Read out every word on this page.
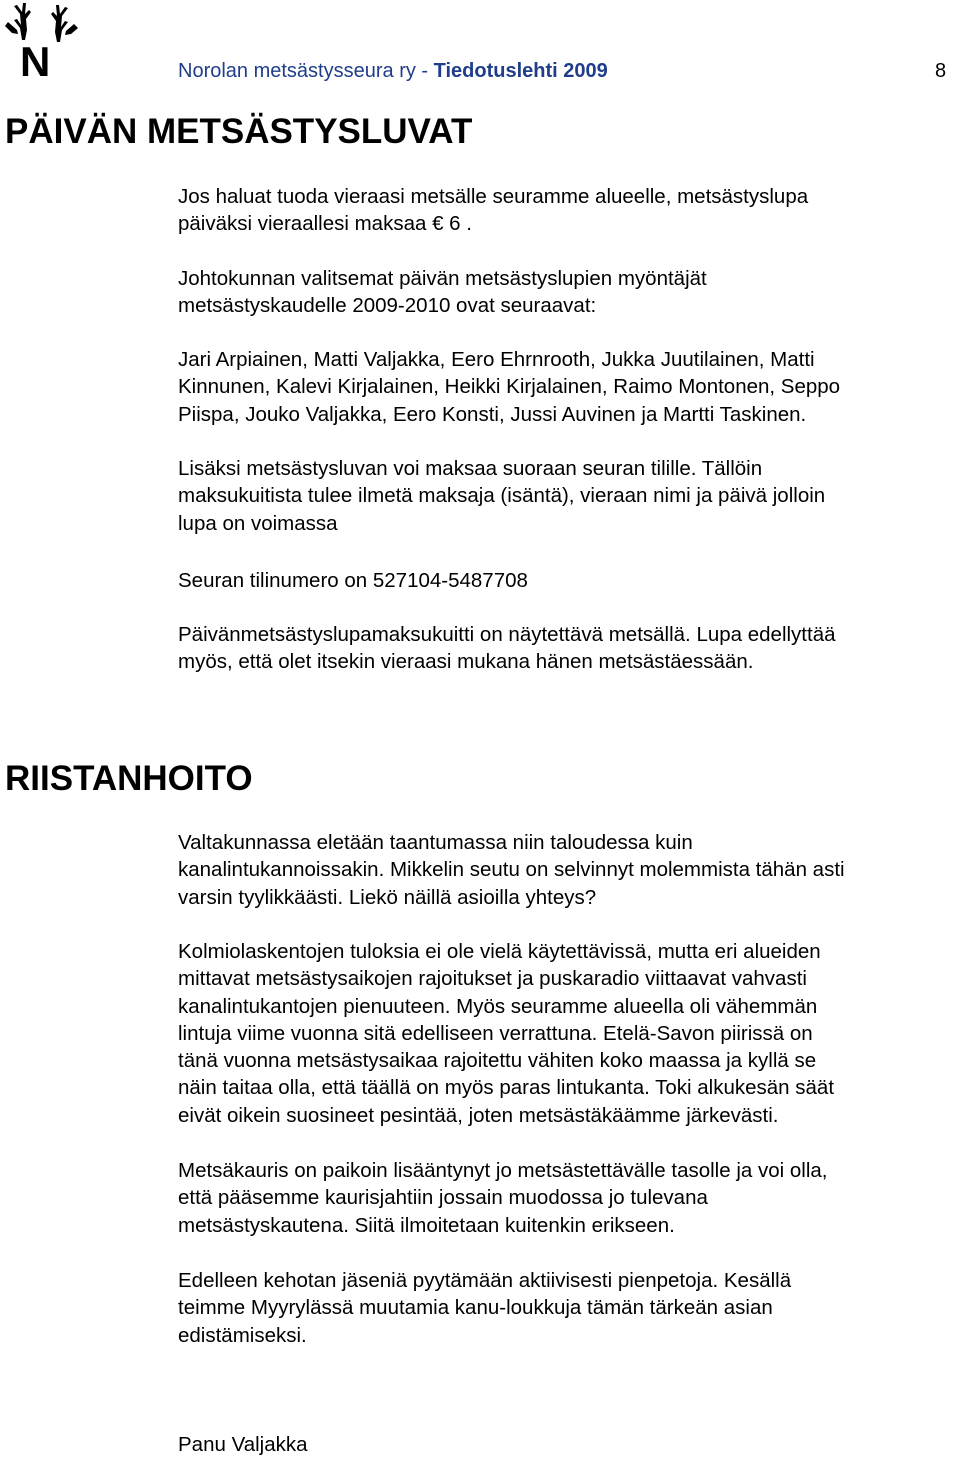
N	Norolan metsästysseura ry - Tiedotuslehti 2009	8
PÄIVÄN METSÄSTYSLUVAT
Jos haluat tuoda vieraasi metsälle seuramme alueelle, metsästyslupa
päiväksi vieraallesi maksaa € 6 .
Johtokunnan valitsemat päivän metsästyslupien myöntäjät
metsästyskaudelle 2009-2010 ovat seuraavat:
Jari Arpiainen, Matti Valjakka, Eero Ehrnrooth, Jukka Juutilainen, Matti
Kinnunen, Kalevi Kirjalainen, Heikki Kirjalainen, Raimo Montonen, Seppo
Piispa, Jouko Valjakka, Eero Konsti, Jussi Auvinen ja Martti Taskinen.
Lisäksi metsästysluvan voi maksaa suoraan seuran tilille. Tällöin
maksukuitista tulee ilmetä maksaja (isäntä), vieraan nimi ja päivä jolloin
lupa on voimassa
Seuran tilinumero on 527104-5487708
Päivänmetsästyslupamaksukuitti on näytettävä metsällä. Lupa edellyttää
myös, että olet itsekin vieraasi mukana hänen metsästäessään.
RIISTANHOITO
Valtakunnassa eletään taantumassa niin taloudessa kuin
kanalintukannoissakin. Mikkelin seutu on selvinnyt molemmista tähän asti
varsin tyylikkäästi. Liekö näillä asioilla yhteys?
Kolmiolaskentojen tuloksia ei ole vielä käytettävissä, mutta eri alueiden
mittavat metsästysaikojen rajoitukset ja puskaradio viittaavat vahvasti
kanalintukantojen pienuuteen. Myös seuramme alueella oli vähemmän
lintuja viime vuonna sitä edelliseen verrattuna. Etelä-Savon piirissä on
tänä vuonna metsästysaikaa rajoitettu vähiten koko maassa ja kyllä se
näin taitaa olla, että täällä on myös paras lintukanta. Toki alkukesän säät
eivät oikein suosineet pesintää, joten metsästäkäämme järkevästi.
Metsäkauris on paikoin lisääntynyt jo metsästettävälle tasolle ja voi olla,
että pääsemme kaurisjahtiin jossain muodossa jo tulevana
metsästyskautena. Siitä ilmoitetaan kuitenkin erikseen.
Edelleen kehotan jäseniä pyytämään aktiivisesti pienpetoja. Kesällä
teimme Myyrylässä muutamia kanu-loukkuja tämän tärkeän asian
edistämiseksi.
Panu Valjakka
